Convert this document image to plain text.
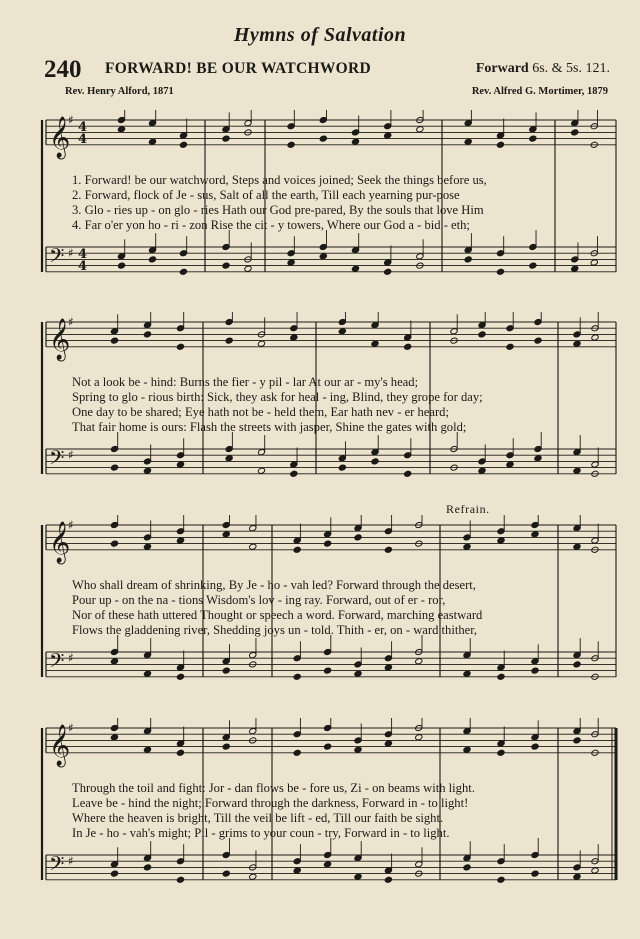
Hymns of Salvation
240 FORWARD! BE OUR WATCHWORD	Forward 6s. & 5s. 121.
Rev. Henry Alford, 1871	Rev. Alfred G. Mortimer, 1879
Refrain.
𝄞
♯ 4
4
𝄢 ♯ 4
4
1. Forward! be our watchword, Steps and voices joined; Seek the things before us,
2. Forward, flock of Je - sus, Salt of all the earth, Till each yearning pur-pose
3. Glo - ries up - on glo - ries Hath our God pre-pared, By the souls that love Him
4. Far o'er yon ho - ri - zon Rise the cit - y towers, Where our God a - bid - eth;
𝄞
♯
𝄢 ♯
Not a look be - hind: Burns the fier - y pil - lar At our ar - my's head;
Spring to glo - rious birth: Sick, they ask for heal - ing, Blind, they grope for day;
One day to be shared; Eye hath not be - held them, Ear hath nev - er heard;
That fair home is ours: Flash the streets with jasper, Shine the gates with gold;
𝄞
♯
𝄢 ♯
Who shall dream of shrinking, By Je - ho - vah led? Forward through the desert,
Pour up - on the na - tions Wisdom's lov - ing ray. Forward, out of er - ror,
Nor of these hath uttered Thought or speech a word. Forward, marching eastward
Flows the gladdening river, Shedding joys un - told. Thith - er, on - ward thither,
𝄞
♯
𝄢 ♯
Through the toil and fight: Jor - dan flows be - fore us, Zi - on beams with light.
Leave be - hind the night; Forward through the darkness, Forward in - to light!
Where the heaven is bright, Till the veil be lift - ed, Till our faith be sight.
In Je - ho - vah's might; Pil - grims to your coun - try, Forward in - to light.
